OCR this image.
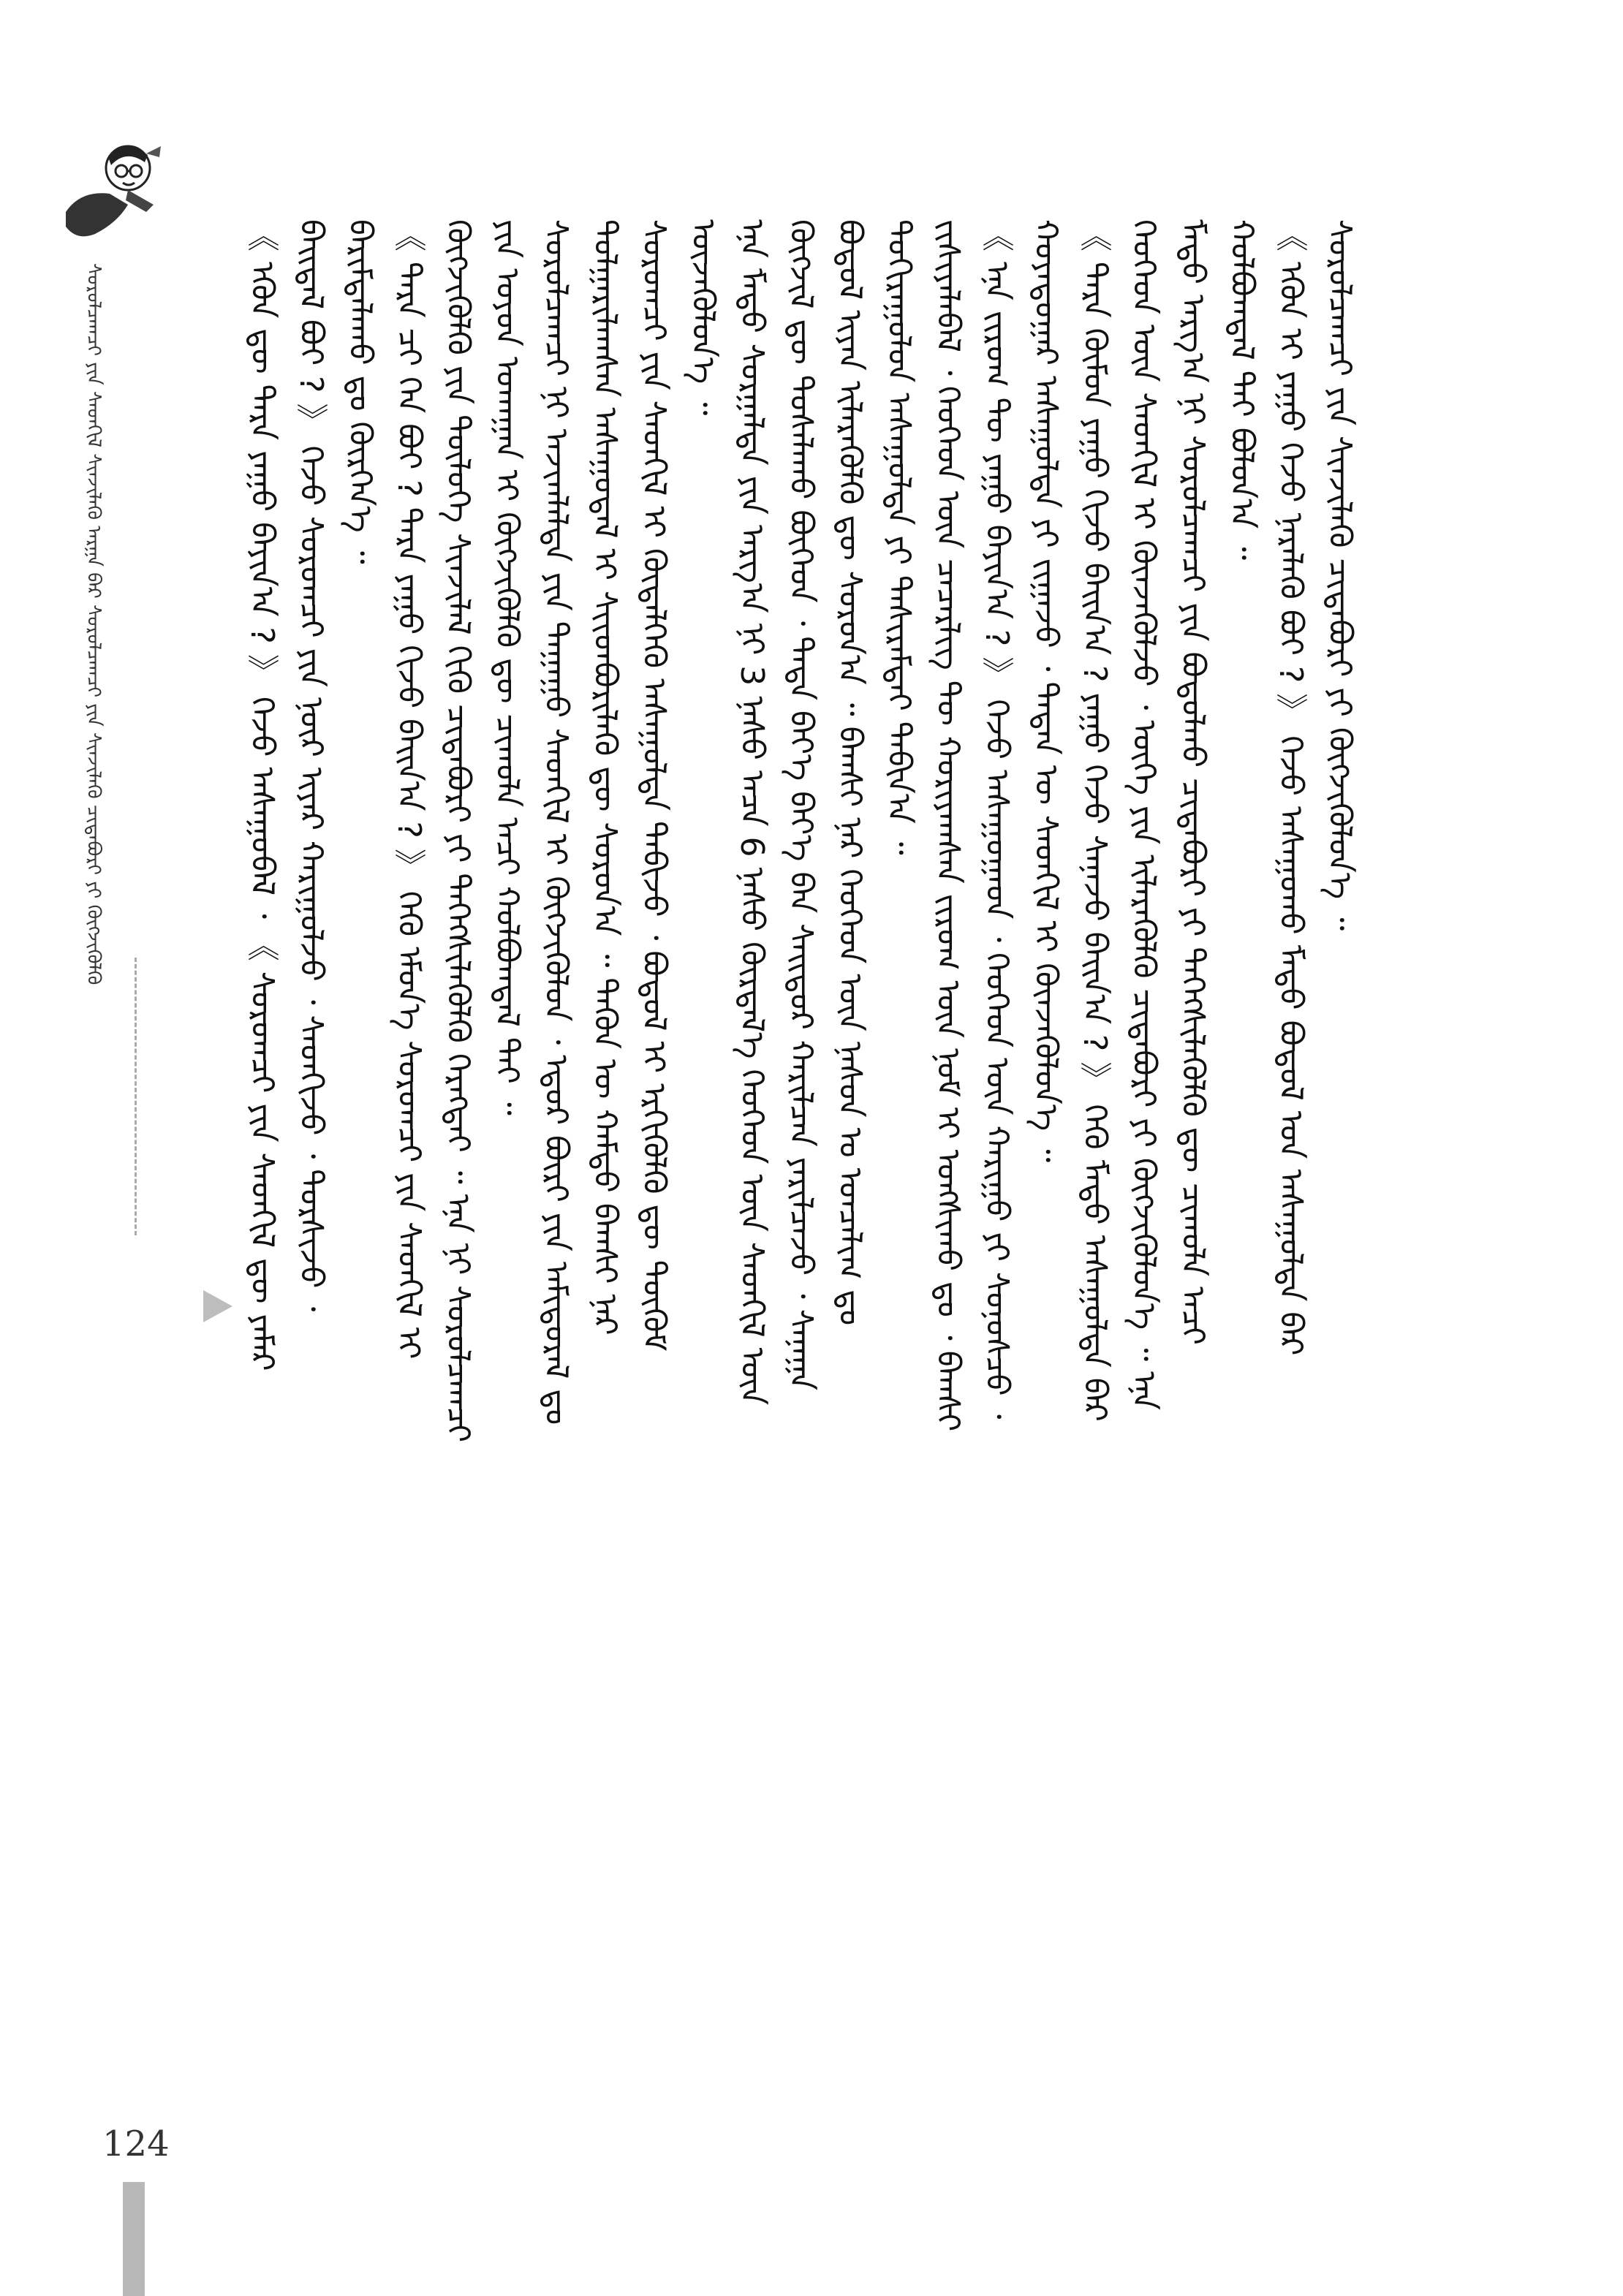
ᠰᠤᠷᠤᠯᠴᠠᠭᠴᠢ ᠶᠢᠨ ᠰᠡᠳᠬᠢᠯ ᠰᠢᠨᠵᠢᠯᠡᠬᠦ ᠠᠷᠭᠠ ᠪᠠᠷ ᠰᠤᠷᠤᠯᠴᠠᠭᠴᠢ ᠶᠢᠨ ᠰᠢᠨᠵᠢᠯᠡᠬᠦ ᠴᠢᠳᠠᠪᠤᠷᠢ ᠶᠢ ᠬᠥᠭᠵᠢᠭᠦᠯᠬᠦ	《 ᠡᠭᠦᠨ ᠳᠦ ᠲᠡᠷᠡ ᠶᠠᠭᠤ ᠪᠠᠶᠢᠨ᠎ᠠ ? 》 ᠭᠡᠵᠦ ᠠᠰᠠᠭᠤᠪᠠᠯ ᠂ 《 ᠰᠤᠷᠤᠭᠴᠢ ᠶᠢᠨ ᠰᠡᠳᠬᠢᠯ ᠳᠦ ᠶᠠᠮᠠᠷ ᠪᠠᠢᠳᠠᠯ ᠪᠤᠢ ? 》 ᠭᠡᠵᠦ ᠰᠤᠷᠤᠭᠴᠢ ᠶᠢᠨ ᠨᠦᠷ ᠢᠶᠡᠷ ᠬᠠᠷᠢᠭᠤᠯᠵᠤ ᠂ ᠰᠡᠳᠬᠢᠵᠦ ᠂ ᠲᠤᠷᠰᠢᠵᠤ ᠂ ᠪᠠᠷᠢᠮᠳᠠᠯᠠᠬᠤ ᠳᠤ ᠬᠦᠷᠭᠡᠨ᠎ᠡ ᠃ 《 ᠲᠡᠷᠡ ᠴᠢ ᠬᠡᠨ ᠪᠤᠢ ? ᠲᠡᠷᠡ ᠶᠠᠭᠤ ᠬᠢᠵᠦ ᠪᠠᠢᠨ᠎ᠠ ? 》 ᠭᠡᠬᠦ ᠡᠮᠦᠨ᠎ᠡ ᠰᠤᠷᠤᠭᠴᠢ ᠶᠢᠨ ᠰᠡᠳᠬᠢᠯ ᠢ ᠬᠥᠭᠵᠢᠭᠦᠯᠬᠦ ᠶᠢᠨ ᠲᠥᠯᠦᠭᠡ ᠰᠢᠨᠵᠢᠯᠡᠯ ᠬᠢᠬᠦ ᠴᠢᠳᠠᠪᠤᠷᠢ ᠶᠢ ᠳᠡᠭᠡᠭᠰᠢᠯᠡᠭᠦᠯᠬᠦ ᠬᠡᠷᠡᠭᠲᠡᠢ ᠃ ᠡᠨᠡ ᠨᠢ ᠰᠤᠷᠤᠯᠴᠠᠭᠴᠢ ᠶᠢᠨ ᠤᠶᠤᠨ ᠤᠬᠠᠭᠠᠨ ᠢ ᠬᠥᠭᠵᠢᠭᠦᠯᠬᠦ ᠳᠦ ᠴᠢᠬᠤᠯᠠ ᠠᠴᠢ ᠬᠣᠯᠪᠣᠭᠳᠠᠯ ᠲᠠᠢ ᠃ ᠰᠤᠷᠤᠯᠴᠠᠭᠴᠢ ᠨᠢ ᠠᠵᠢᠭᠯᠠᠯᠲᠠ ᠶᠢᠨ ᠳᠠᠭᠠᠭᠤ ᠰᠡᠳᠬᠢᠯ ᠢ ᠬᠥᠭᠵᠢᠭᠦᠯᠦᠨ ᠂ ᠡᠳᠦᠷ ᠪᠦᠷᠢ ᠶᠢᠨ ᠠᠮᠢᠳᠤᠷᠠᠯ ᠳᠤ ᠲᠤᠯᠭᠠᠷᠢᠯᠠᠭᠰᠠᠨ ᠠᠰᠠᠭᠤᠳᠠᠯ ᠢ ᠰᠢᠢᠳᠪᠦᠷᠢᠯᠡᠬᠦ ᠳᠦ ᠰᠤᠷᠤᠨ᠎ᠠ ᠃ ᠲᠡᠭᠦᠨ ᠦ ᠬᠠᠮᠲᠤ ᠪᠠᠭᠰᠢ ᠨᠠᠷ ᠰᠤᠷᠤᠭᠴᠢ ᠶᠢᠨ ᠰᠡᠳᠬᠢᠯ ᠢ ᠬᠥᠳᠡᠯᠭᠡᠬᠦ ᠠᠰᠠᠭᠤᠯᠲᠠ ᠲᠠᠪᠢᠵᠤ ᠂ ᠪᠤᠳᠤᠯ ᠢ ᠡᠷᠭᠢᠭᠦᠯᠬᠦ ᠳᠦ ᠳᠥᠭᠦᠮ ᠦᠵᠡᠭᠦᠯᠦᠨ᠎ᠡ ᠃ ᠡᠨᠡ ᠮᠡᠲᠦ ᠰᠤᠷᠭᠠᠯᠲᠠ ᠶᠢᠨ ᠠᠷᠭ᠎ᠠ ᠨᠢ 3 ᠨᠠᠰᠤ ᠠᠴᠠ 6 ᠨᠠᠰᠤ ᠬᠦᠷᠲᠡᠯ᠎ᠡ ᠬᠡᠦᠬᠡᠳ ᠦᠨ ᠰᠡᠳᠬᠢᠯ ᠦᠨ ᠬᠥᠭᠵᠢᠯ ᠳᠦ ᠲᠤᠰᠠᠯᠠᠬᠤ ᠪᠥᠭᠡᠳ ᠂ ᠲᠡᠳᠡ ᠪᠡᠶ᠎ᠡ ᠪᠡᠶ᠎ᠡ ᠪᠡᠨ ᠰᠠᠢᠲᠤᠷ ᠬᠠᠷᠢᠯᠴᠠᠨ ᠶᠠᠷᠢᠯᠴᠠᠵᠤ ᠂ ᠰᠠᠨᠠᠭᠠ ᠪᠤᠳᠤᠯ ᠢᠶᠠᠨ ᠢᠯᠡᠷᠡᠭᠦᠯᠬᠦ ᠳᠦ ᠰᠤᠷᠤᠨ᠎ᠠ ᠃ ᠪᠠᠭᠰᠢ ᠨᠠᠷ ᠬᠡᠦᠬᠡᠳ ᠦᠨ ᠨᠠᠰᠤᠨ ᠤ ᠣᠨᠴᠠᠯᠢᠭ ᠳᠤ ᠲᠣᠬᠢᠷᠠᠭᠤᠯᠤᠨ ᠠᠰᠠᠭᠤᠯᠲᠠ ᠶᠢ ᠳᠠᠰᠢᠷᠠᠮᠳᠠᠢ ᠲᠠᠪᠢᠨ᠎ᠠ ᠃ ᠵᠢᠱᠢᠶᠡᠯᠡᠪᠡᠯ ᠂ ᠬᠡᠦᠬᠡᠳ ᠦᠨ ᠴᠡᠴᠡᠷᠯᠢᠭ ᠲᠦ ᠬᠤᠷᠢᠶᠠᠭᠰᠠᠨ ᠵᠢᠷᠤᠭ ᠦᠨ ᠨᠣᠮ ᠢ ᠤᠩᠰᠢᠬᠤ ᠳᠤ ᠂ ᠪᠠᠭᠰᠢ 《 ᠡᠨᠡ ᠵᠢᠷᠤᠭ ᠲᠦ ᠶᠠᠭᠤ ᠪᠠᠶᠢᠨ᠎ᠠ ? 》 ᠭᠡᠵᠦ ᠠᠰᠠᠭᠤᠭᠠᠳ ᠂ ᠬᠡᠦᠬᠡᠳ ᠦᠨ ᠬᠠᠷᠢᠭᠤ ᠶᠢ ᠰᠣᠨᠣᠰᠴᠤ ᠂ ᠬᠣᠶᠠᠳᠤᠭᠠᠷ ᠠᠰᠠᠭᠤᠯᠲᠠ ᠶᠢ ᠵᠢᠭᠠᠵᠤ ᠂ ᠲᠡᠳᠡᠨ ᠦ ᠰᠡᠳᠬᠢᠯ ᠢ ᠭᠦᠨᠵᠡᠭᠦᠯᠦᠨ᠎ᠡ ᠃ 《 ᠲᠡᠷᠡ ᠬᠦᠮᠦᠨ ᠶᠠᠭᠤ ᠬᠢᠵᠦ ᠪᠠᠢᠨ᠎ᠠ ? ᠶᠠᠭᠤ ᠭᠡᠵᠦ ᠰᠠᠨᠠᠵᠤ ᠪᠠᠢᠨ᠎ᠠ ? 》 ᠭᠡᠬᠦ ᠮᠡᠲᠦ ᠠᠰᠠᠭᠤᠯᠲᠠ ᠪᠠᠷ ᠬᠡᠦᠬᠡᠳ ᠦᠨ ᠰᠡᠳᠬᠢᠯ ᠢ ᠭᠦᠨᠵᠡᠭᠦᠯᠵᠦ ᠂ ᠦᠭᠡ ᠶᠢᠨ ᠢᠯᠡᠷᠡᠭᠦᠯᠬᠦ ᠴᠢᠳᠠᠪᠤᠷᠢ ᠶᠢ ᠬᠥᠭᠵᠢᠭᠦᠯᠦᠨ᠎ᠡ ᠃ ᠡᠨᠡ ᠮᠡᠲᠦ ᠠᠷᠭ᠎ᠠ ᠨᠢ ᠰᠤᠷᠤᠯᠴᠠᠭᠴᠢ ᠶᠢᠨ ᠪᠤᠳᠤᠯᠬᠤ ᠴᠢᠳᠠᠪᠤᠷᠢ ᠶᠢ ᠳᠡᠭᠡᠭᠰᠢᠯᠡᠭᠦᠯᠬᠦ ᠳᠦ ᠴᠢᠬᠤᠯᠠ ᠠᠴᠢ ᠬᠣᠯᠪᠣᠭᠳᠠᠯ ᠲᠠᠢ ᠪᠣᠯᠤᠨ᠎ᠠ ᠃ 《 ᠡᠭᠦᠨ ᠢ ᠶᠠᠭᠤ ᠭᠡᠵᠦ ᠨᠡᠷᠡᠯᠡᠬᠦ ᠪᠤᠢ ? 》 ᠭᠡᠵᠦ ᠠᠰᠠᠭᠤᠬᠤ ᠮᠡᠲᠦ ᠪᠤᠳᠤᠯ ᠤᠨ ᠠᠰᠠᠭᠤᠯᠲᠠ ᠪᠠᠷ ᠰᠤᠷᠤᠯᠴᠠᠭᠴᠢ ᠶᠢᠨ ᠰᠢᠨᠵᠢᠯᠡᠬᠦ ᠴᠢᠳᠠᠪᠤᠷᠢ ᠶᠢ ᠬᠥᠭᠵᠢᠭᠦᠯᠦᠨ᠎ᠡ ᠃

124
